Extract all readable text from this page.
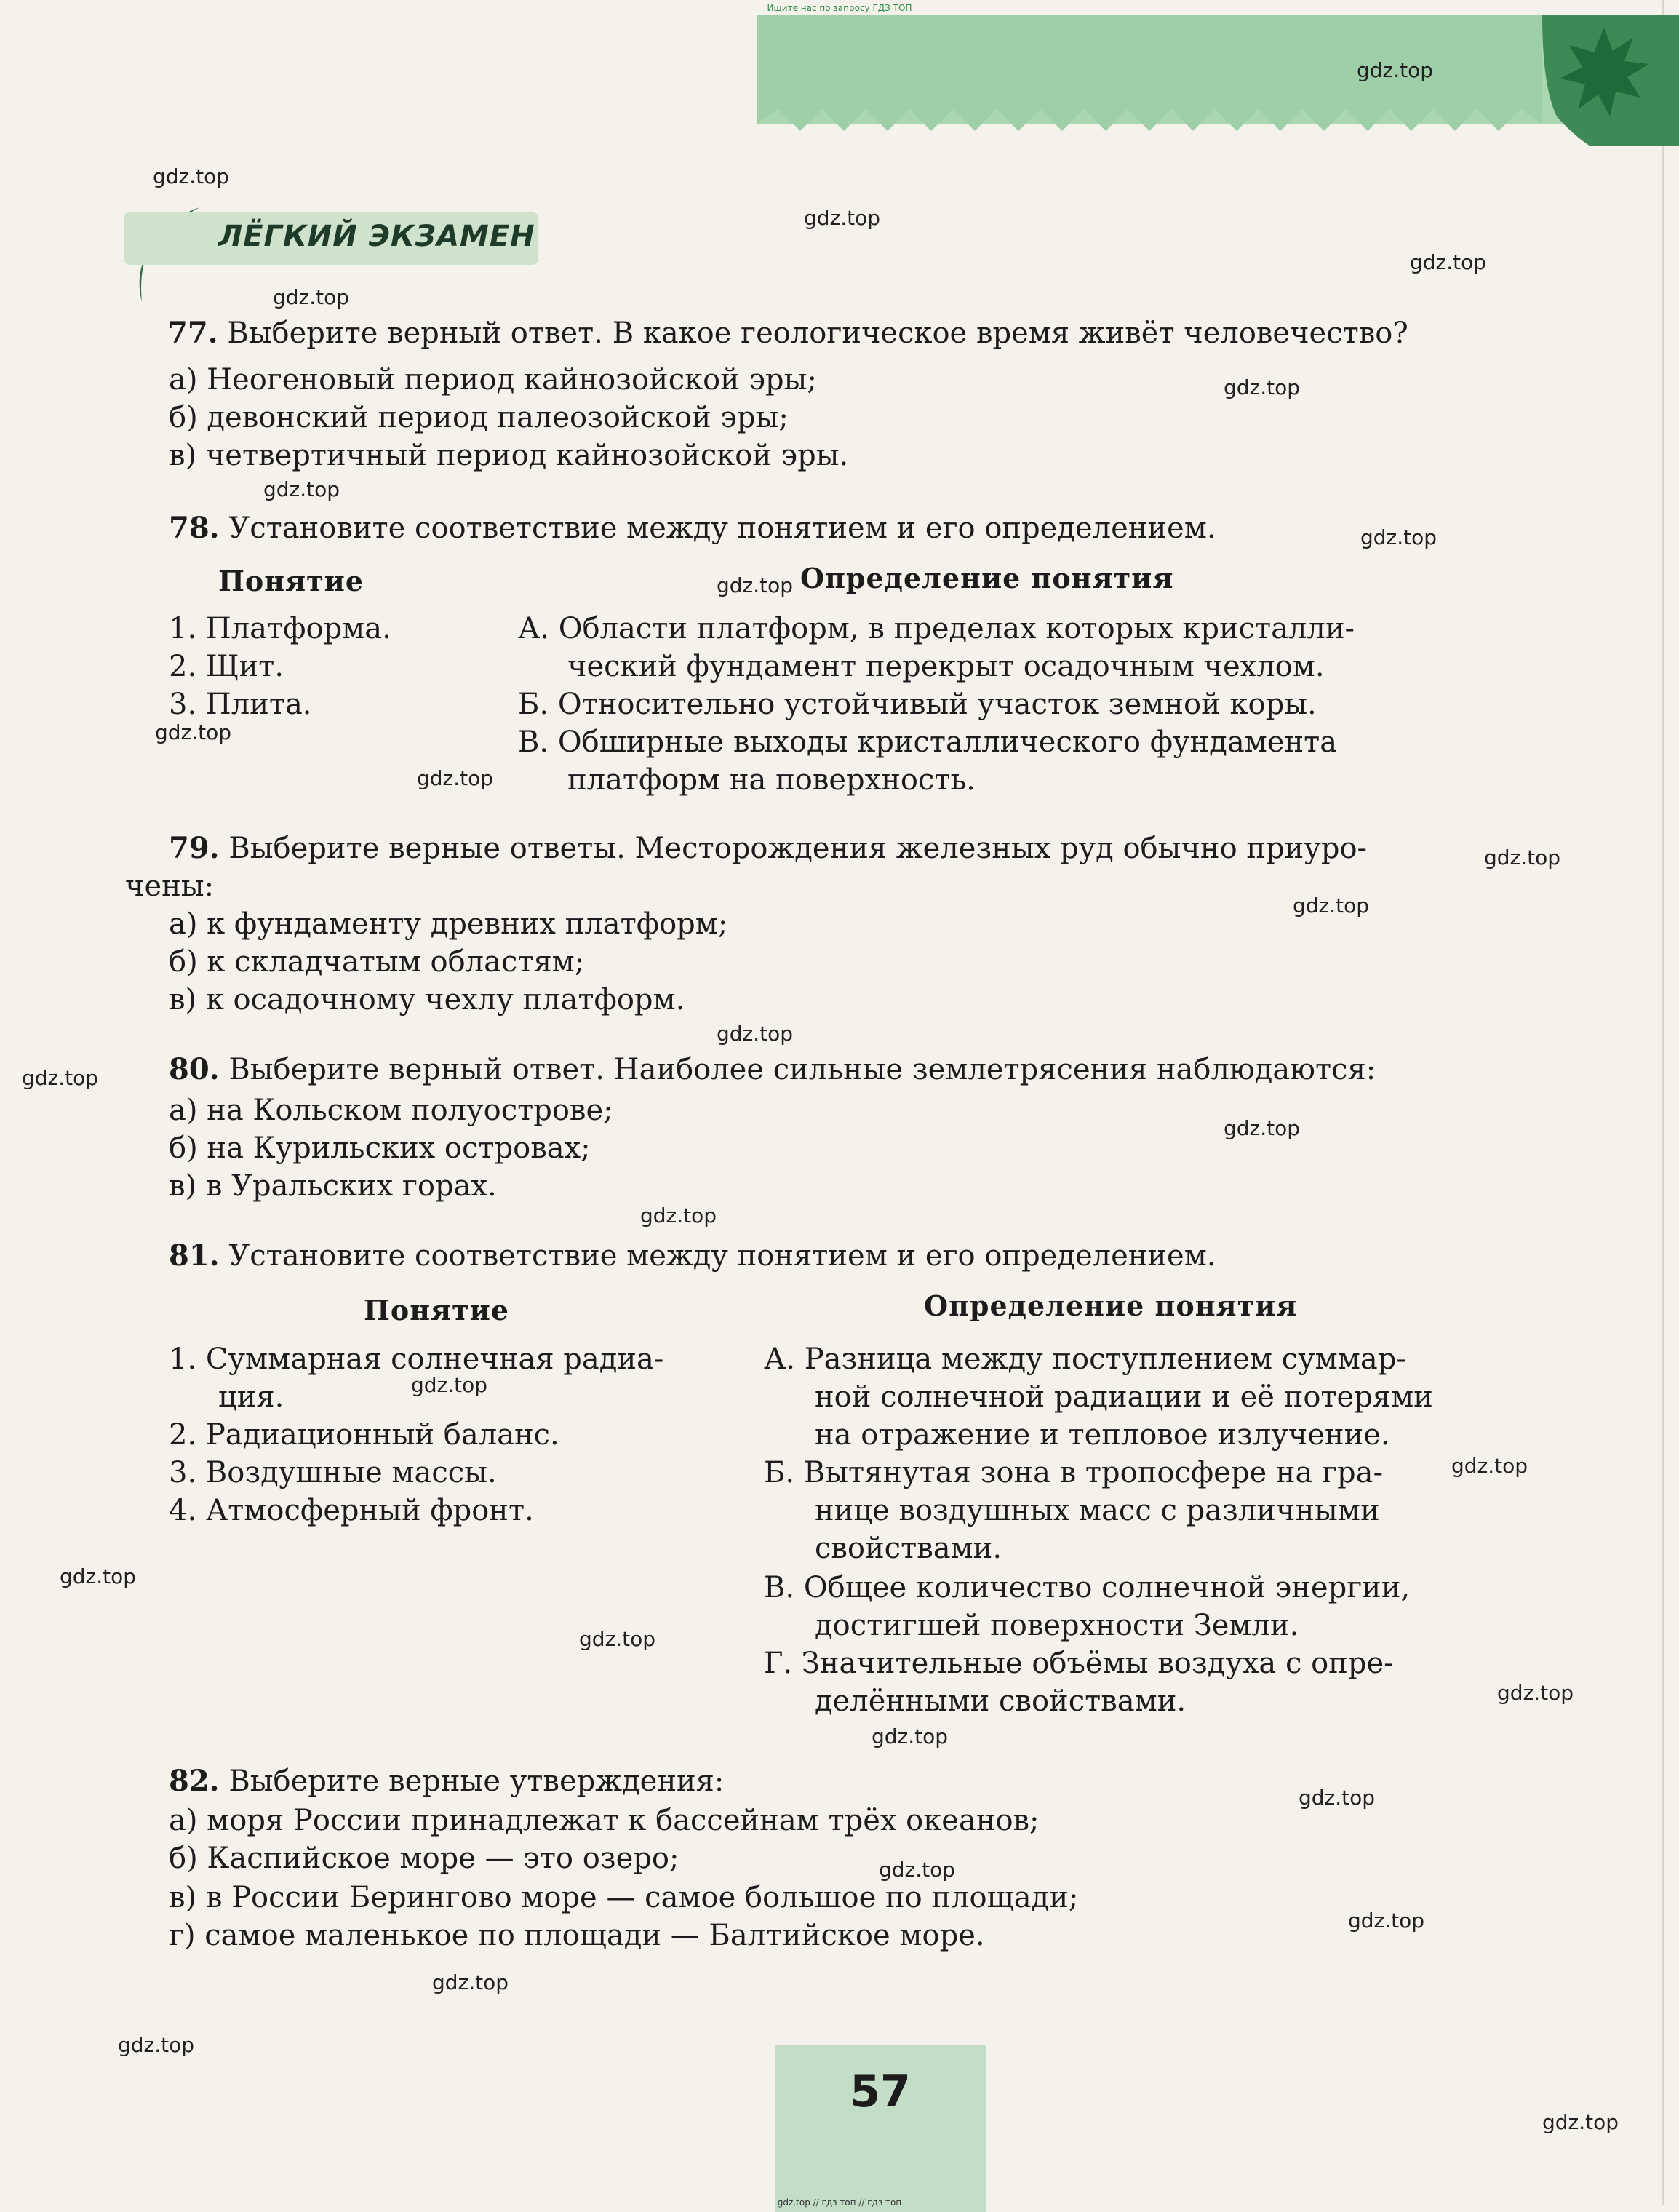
Ищите нас по запросу ГДЗ ТОП
ЛЁГКИЙ ЭКЗАМЕН
77. Выберите верный ответ. В какое геологическое время живёт человечество?
а) Неогеновый период кайнозойской эры;
б) девонский период палеозойской эры;
в) четвертичный период кайнозойской эры.
78. Установите соответствие между понятием и его определением.
Понятие	Определение понятия
1. Платформа.
2. Щит.
3. Плита.
А. Области платформ, в пределах которых кристалли-
ческий фундамент перекрыт осадочным чехлом.
Б. Относительно устойчивый участок земной коры.
В. Обширные выходы кристаллического фундамента
платформ на поверхность.
79. Выберите верные ответы. Месторождения железных руд обычно приуро-
чены:
а) к фундаменту древних платформ;
б) к складчатым областям;
в) к осадочному чехлу платформ.
80. Выберите верный ответ. Наиболее сильные землетрясения наблюдаются:
а) на Кольском полуострове;
б) на Курильских островах;
в) в Уральских горах.
81. Установите соответствие между понятием и его определением.
Понятие	Определение понятия
1. Суммарная солнечная радиа-
ция.
2. Радиационный баланс.
3. Воздушные массы.
4. Атмосферный фронт.
А. Разница между поступлением суммар-
ной солнечной радиации и её потерями
на отражение и тепловое излучение.
Б. Вытянутая зона в тропосфере на гра-
нице воздушных масс с различными
свойствами.
В. Общее количество солнечной энергии,
достигшей поверхности Земли.
Г. Значительные объёмы воздуха с опре-
делёнными свойствами.
82. Выберите верные утверждения:
а) моря России принадлежат к бассейнам трёх океанов;
б) Каспийское море — это озеро;
в) в России Берингово море — самое большое по площади;
г) самое маленькое по площади — Балтийское море.
57
gdz.top
gdz.top
gdz.top
gdz.top
gdz.top
gdz.top
gdz.top
gdz.top
gdz.top
gdz.top
gdz.top
gdz.top
gdz.top
gdz.top
gdz.top
gdz.top
gdz.top
gdz.top
gdz.top
gdz.top
gdz.top
gdz.top
gdz.top
gdz.top
gdz.top
gdz.top
gdz.top
gdz.top
gdz.top
gdz.top // гдз топ // гдз топ
